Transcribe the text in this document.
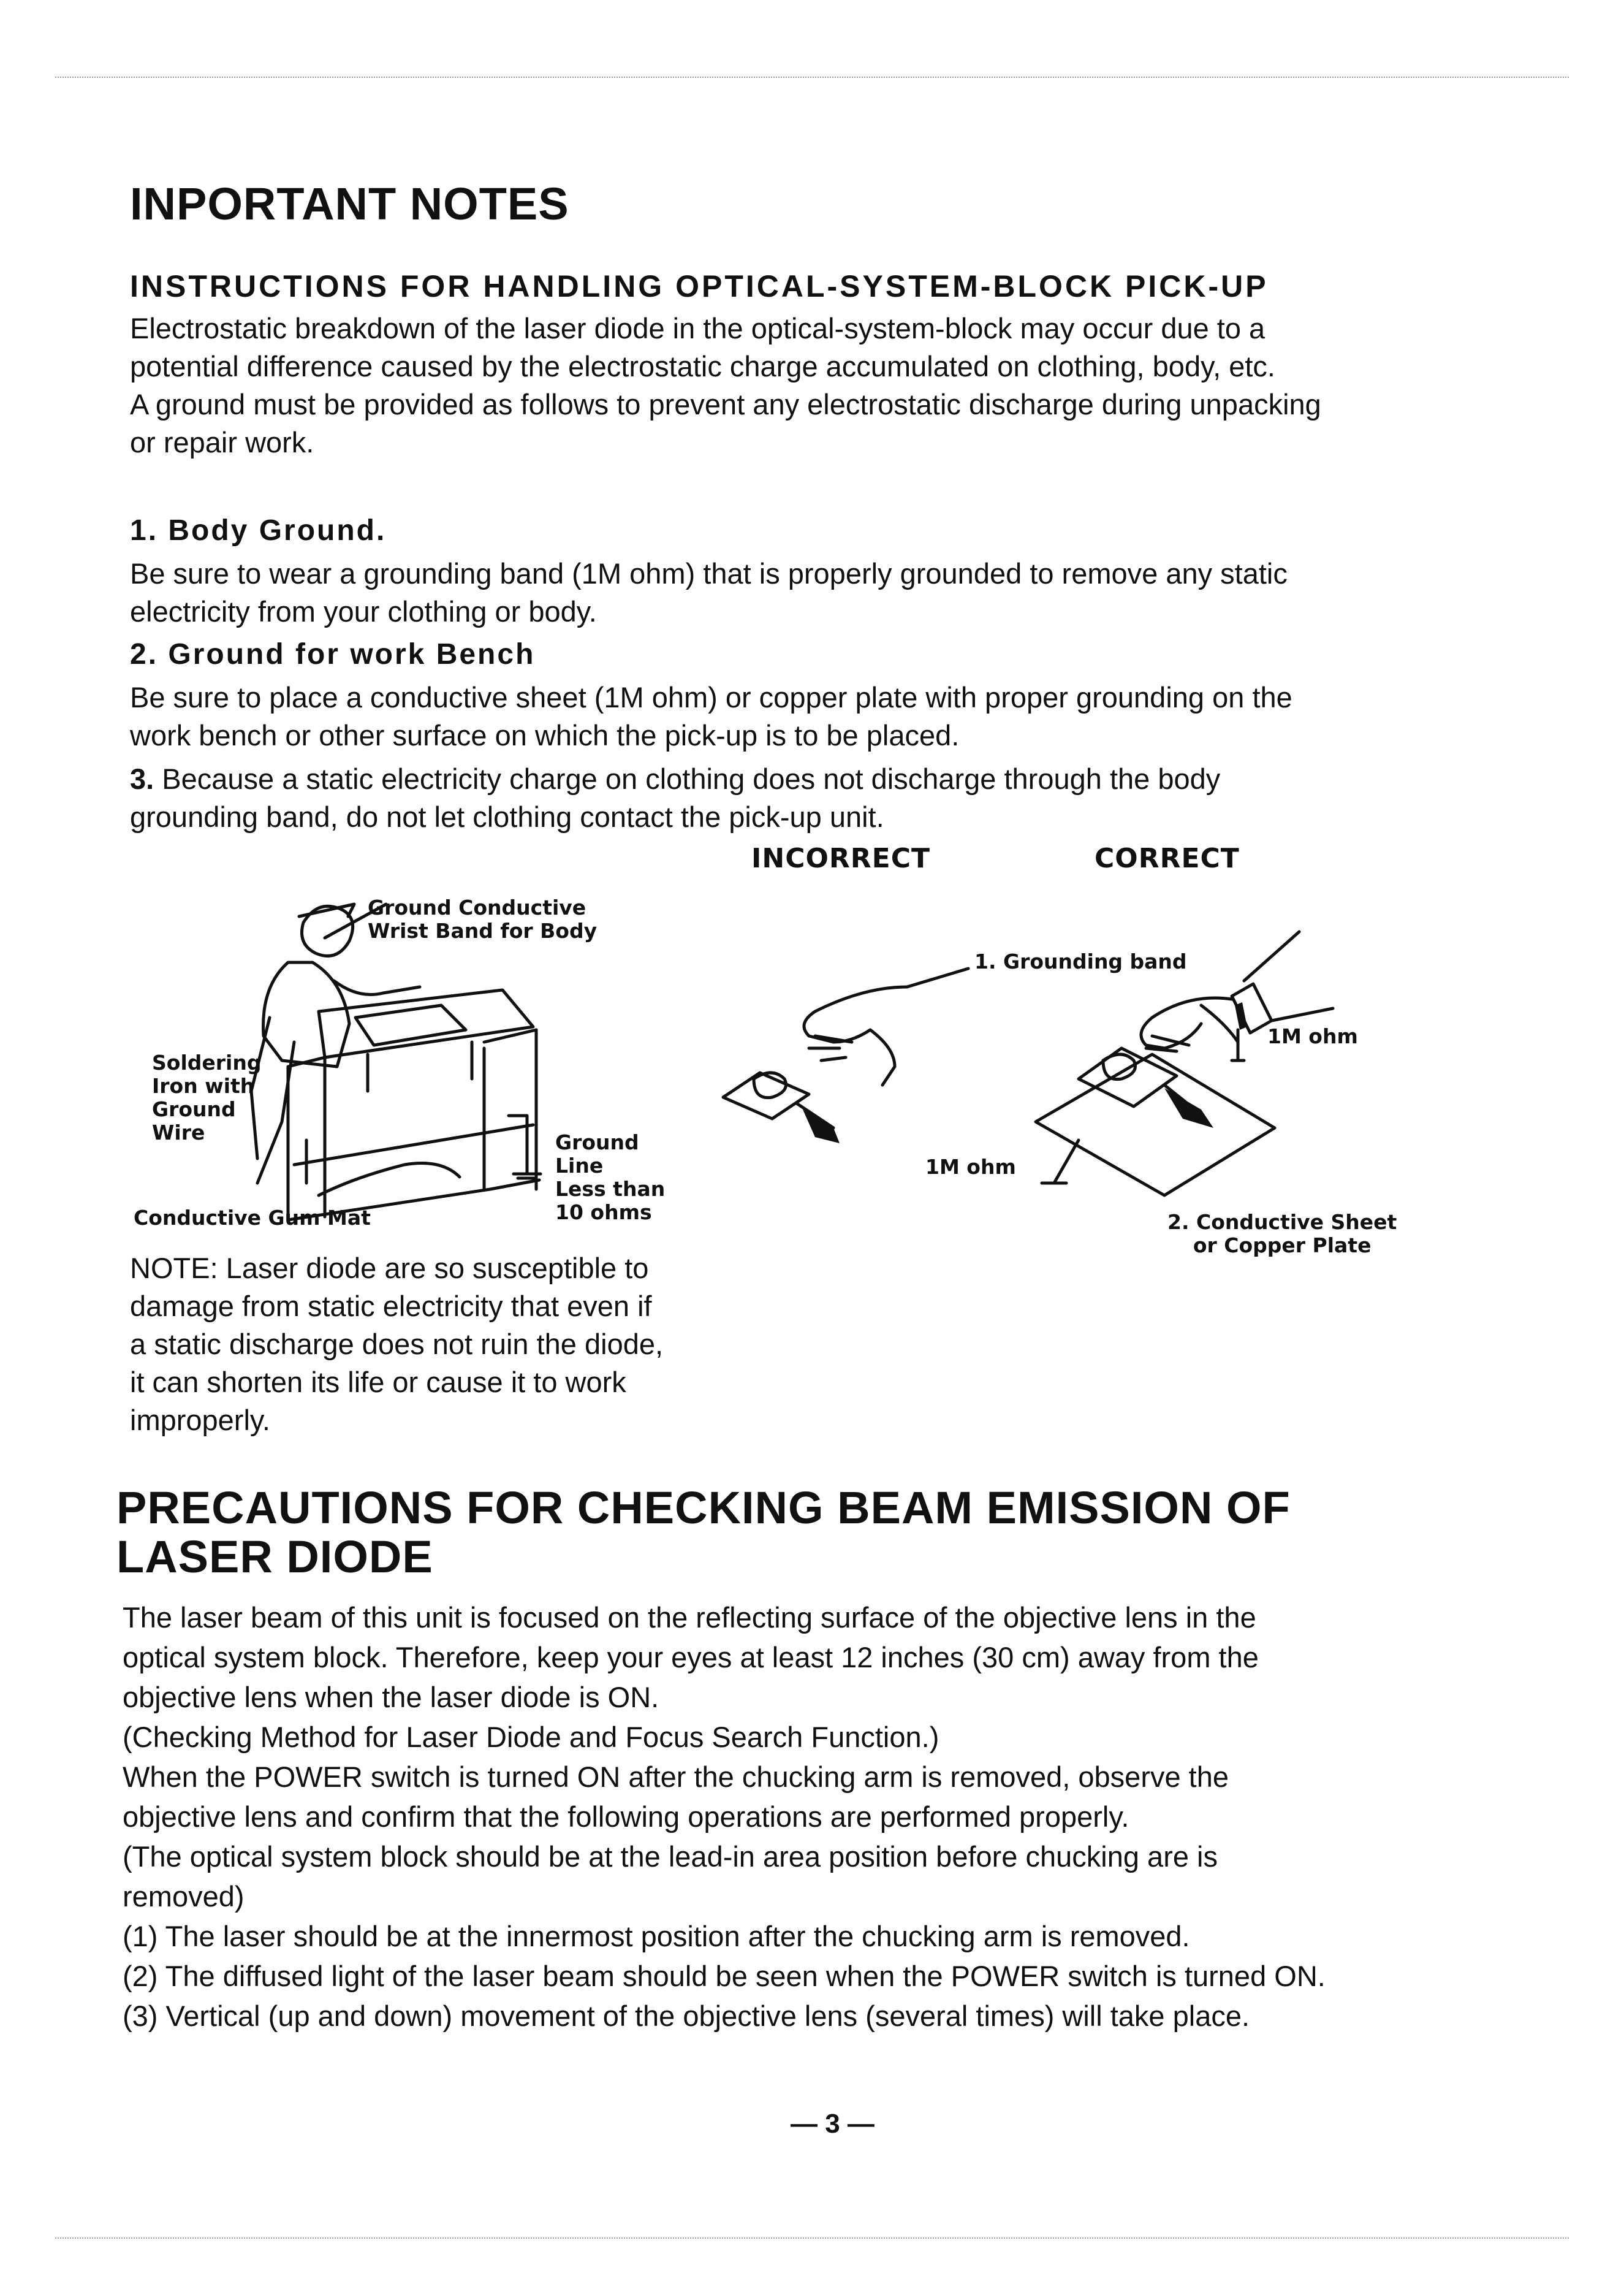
INPORTANT NOTES
INSTRUCTIONS FOR HANDLING OPTICAL-SYSTEM-BLOCK PICK-UP
Electrostatic breakdown of the laser diode in the optical-system-block may occur due to a
potential difference caused by the electrostatic charge accumulated on clothing, body, etc.
A ground must be provided as follows to prevent any electrostatic discharge during unpacking
or repair work.
1. Body Ground.
Be sure to wear a grounding band (1M ohm) that is properly grounded to remove any static
electricity from your clothing or body.
2. Ground for work Bench
Be sure to place a conductive sheet (1M ohm) or copper plate with proper grounding on the
work bench or other surface on which the pick-up is to be placed.
3. Because a static electricity charge on clothing does not discharge through the body
grounding band, do not let clothing contact the pick-up unit.
INCORRECT	CORRECT
Ground Conductive
Wrist Band for Body
Soldering
Iron with
Ground
Wire
Conductive Gum Mat
Ground
Line
Less than
10 ohms
1. Grounding band
1M ohm
1M ohm
2. Conductive Sheet
or Copper Plate
NOTE: Laser diode are so susceptible to
damage from static electricity that even if
a static discharge does not ruin the diode,
it can shorten its life or cause it to work
improperly.
PRECAUTIONS FOR CHECKING BEAM EMISSION OF
LASER DIODE
The laser beam of this unit is focused on the reflecting surface of the objective lens in the
optical system block. Therefore, keep your eyes at least 12 inches (30 cm) away from the
objective lens when the laser diode is ON.
(Checking Method for Laser Diode and Focus Search Function.)
When the POWER switch is turned ON after the chucking arm is removed, observe the
objective lens and confirm that the following operations are performed properly.
(The optical system block should be at the lead-in area position before chucking are is
removed)
(1) The laser should be at the innermost position after the chucking arm is removed.
(2) The diffused light of the laser beam should be seen when the POWER switch is turned ON.
(3) Vertical (up and down) movement of the objective lens (several times) will take place.
— 3 —
